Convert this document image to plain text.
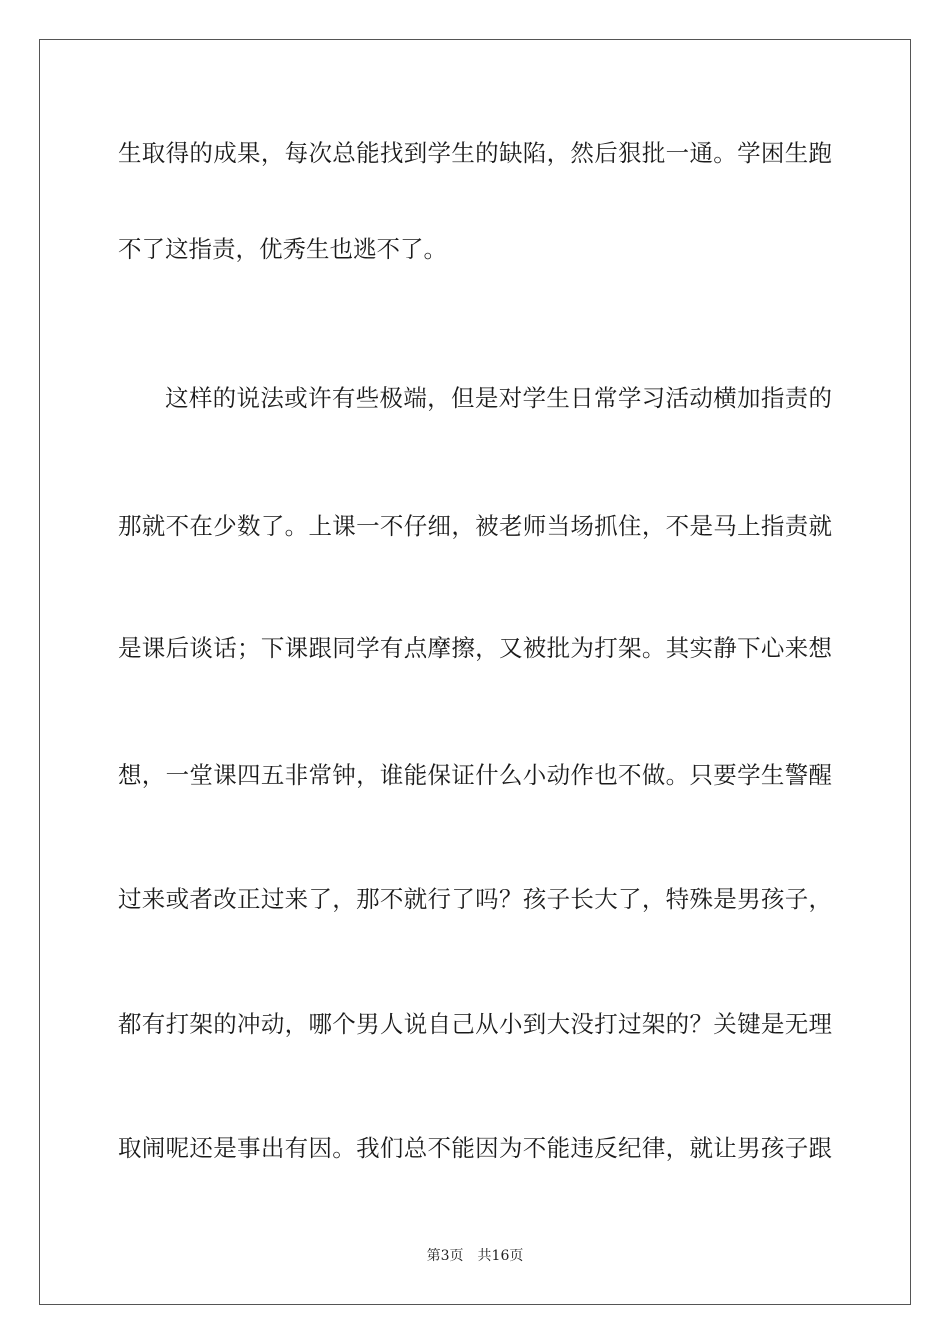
生取得的成果，每次总能找到学生的缺陷，然后狠批一通。学困生跑
不了这指责，优秀生也逃不了。
这样的说法或许有些极端，但是对学生日常学习活动横加指责的
那就不在少数了。上课一不仔细，被老师当场抓住，不是马上指责就
是课后谈话；下课跟同学有点摩擦，又被批为打架。其实静下心来想
想，一堂课四五非常钟，谁能保证什么小动作也不做。只要学生警醒
过来或者改正过来了，那不就行了吗？孩子长大了，特殊是男孩子，
都有打架的冲动，哪个男人说自己从小到大没打过架的？关键是无理
取闹呢还是事出有因。我们总不能因为不能违反纪律，就让男孩子跟
第3页 共16页
